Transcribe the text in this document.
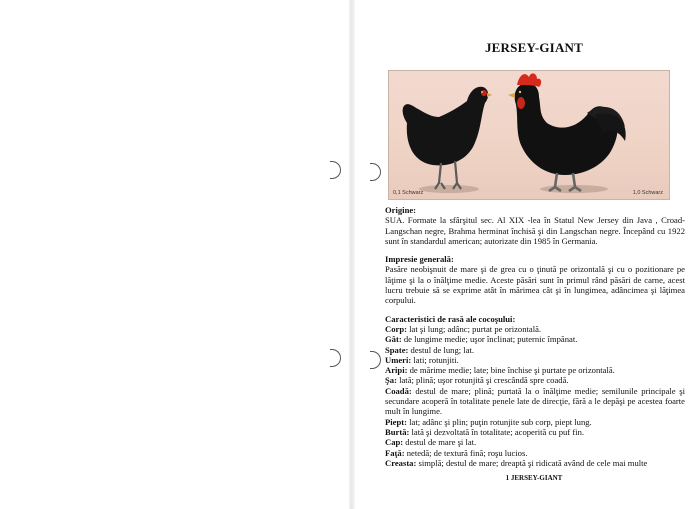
JERSEY-GIANT
0,1 Schwarz	1,0 Schwarz
Origine:
SUA. Formate la sfârşitul sec. Al XIX -lea în Statul New Jersey din Java , Croad-Langschan negre, Brahma herminat închisă şi din Langschan negre. Începând cu 1922 sunt în standardul american; autorizate din 1985 în Germania.
Impresie generală:
Pasăre neobişnuit de mare şi de grea cu o ţinută pe orizontală şi cu o pozitionare pe lăţime şi la o înălţime medie. Aceste păsări sunt în primul rând păsări de carne, acest lucru trebuie să se exprime atât în mărimea cât şi în lungimea, adâncimea şi lăţimea corpului.
Caracteristici de rasă ale cocoşului:
Corp: lat şi lung; adânc; purtat pe orizontală.
Gât: de lungime medie; uşor înclinat; puternic împănat.
Spate: destul de lung; lat.
Umeri: lati; rotunjiti.
Aripi: de mărime medie; late; bine închise şi purtate pe orizontală.
Şa: lată; plină; uşor rotunjită şi crescândă spre coadă.
Coadă: destul de mare; plină; purtată la o înălţime medie; semilunile principale şi secundare acoperă în totalitate penele late de direcţie, fără a le depăşi pe acestea foarte mult în lungime.
Piept: lat; adânc şi plin; puţin rotunjite sub corp, piept lung.
Burtă: lată şi dezvoltată în totalitate; acoperită cu puf fin.
Cap: destul de mare şi lat.
Faţă: netedă; de textură fină; roşu lucios.
Creasta: simplă; destul de mare; dreaptă şi ridicată având de cele mai multe
1 JERSEY-GIANT
